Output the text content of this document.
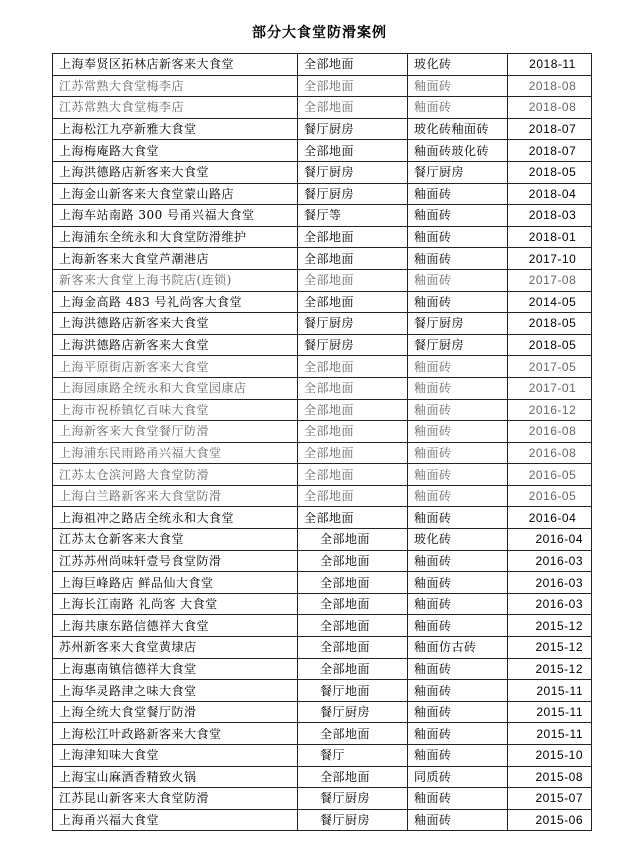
部分大食堂防滑案例
上海奉贤区拓林店新客来大食堂	全部地面	玻化砖	2018-11
江苏常熟大食堂梅李店	全部地面	釉面砖	2018-08
江苏常熟大食堂梅李店	全部地面	釉面砖	2018-08
上海松江九亭新雅大食堂	餐厅厨房	玻化砖釉面砖	2018-07
上海梅庵路大食堂	全部地面	釉面砖玻化砖	2018-07
上海洪德路店新客来大食堂	餐厅厨房	餐厅厨房	2018-05
上海金山新客来大食堂蒙山路店	餐厅厨房	釉面砖	2018-04
上海车站南路 300 号甬兴福大食堂	餐厅等	釉面砖	2018-03
上海浦东全统永和大食堂防滑维护	全部地面	釉面砖	2018-01
上海新客来大食堂芦潮港店	全部地面	釉面砖	2017-10
新客来大食堂上海书院店(连锁)	全部地面	釉面砖	2017-08
上海金高路 483 号礼尚客大食堂	全部地面	釉面砖	2014-05
上海洪德路店新客来大食堂	餐厅厨房	餐厅厨房	2018-05
上海洪德路店新客来大食堂	餐厅厨房	餐厅厨房	2018-05
上海平原街店新客来大食堂	全部地面	釉面砖	2017-05
上海园康路全统永和大食堂园康店	全部地面	釉面砖	2017-01
上海市祝桥镇忆百味大食堂	全部地面	釉面砖	2016-12
上海新客来大食堂餐厅防滑	全部地面	釉面砖	2016-08
上海浦东民雨路甬兴福大食堂	全部地面	釉面砖	2016-08
江苏太仓滨河路大食堂防滑	全部地面	釉面砖	2016-05
上海白兰路新客来大食堂防滑	全部地面	釉面砖	2016-05
上海祖冲之路店全统永和大食堂	全部地面	釉面砖	2016-04
江苏太仓新客来大食堂	全部地面	玻化砖	2016-04
江苏苏州尚味轩壹号食堂防滑	全部地面	釉面砖	2016-03
上海巨峰路店 鲜品仙大食堂	全部地面	釉面砖	2016-03
上海长江南路 礼尚客 大食堂	全部地面	釉面砖	2016-03
上海共康东路信德祥大食堂	全部地面	釉面砖	2015-12
苏州新客来大食堂黄埭店	全部地面	釉面仿古砖	2015-12
上海惠南镇信德祥大食堂	全部地面	釉面砖	2015-12
上海华灵路津之味大食堂	餐厅地面	釉面砖	2015-11
上海全统大食堂餐厅防滑	餐厅厨房	釉面砖	2015-11
上海松江叶政路新客来大食堂	全部地面	釉面砖	2015-11
上海津知味大食堂	餐厅	釉面砖	2015-10
上海宝山麻酒香精致火锅	全部地面	同质砖	2015-08
江苏昆山新客来大食堂防滑	餐厅厨房	釉面砖	2015-07
上海甬兴福大食堂	餐厅厨房	釉面砖	2015-06
